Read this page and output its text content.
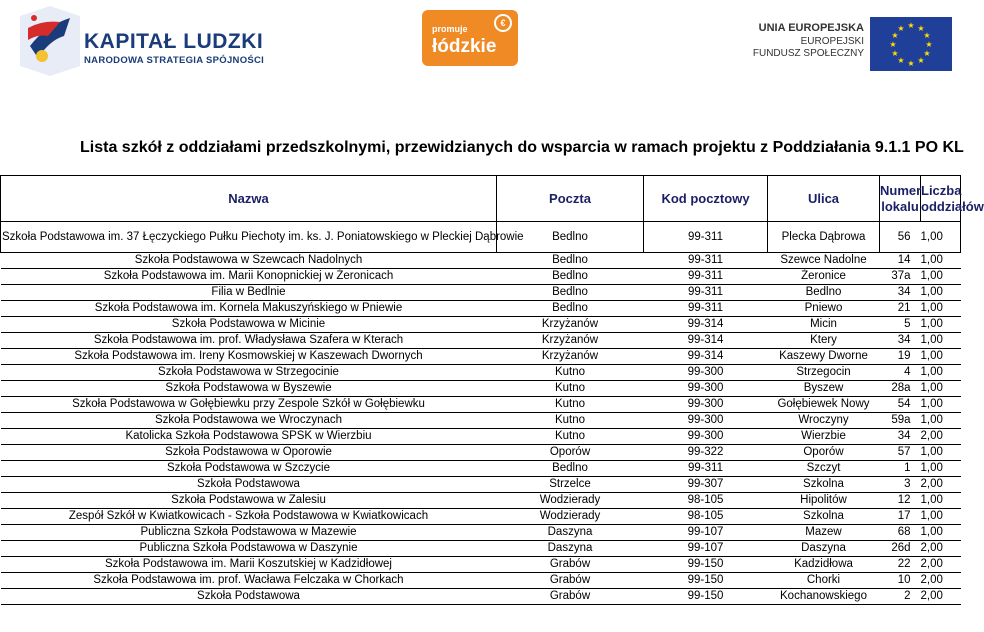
KAPITAŁ LUDZKI
NARODOWA STRATEGIA SPÓJNOŚCI
promuje
łódzkie
€	UNIA EUROPEJSKA
EUROPEJSKI
FUNDUSZ SPOŁECZNY
★ ★
★
★
★
★
★
★
★
★
★
★
Lista szkół z oddziałami przedszkolnymi, przewidzianych do wsparcia w ramach projektu z Poddziałania 9.1.1 PO KL
Nazwa	Poczta	Kod pocztowy	Ulica	Numer lokalu	Liczba oddziałów
Szkoła Podstawowa im. 37 Łęczyckiego Pułku Piechoty im. ks. J. Poniatowskiego w Pleckiej Dąbrowie	Bedlno	99-311	Plecka Dąbrowa	56	1,00
Szkoła Podstawowa w Szewcach Nadolnych	Bedlno	99-311	Szewce Nadolne	14	1,00
Szkoła Podstawowa im. Marii Konopnickiej w Żeronicach	Bedlno	99-311	Żeronice	37a	1,00
Filia w Bedlnie	Bedlno	99-311	Bedlno	34	1,00
Szkoła Podstawowa im. Kornela Makuszyńskiego w Pniewie	Bedlno	99-311	Pniewo	21	1,00
Szkoła Podstawowa w Micinie	Krzyżanów	99-314	Micin	5	1,00
Szkoła Podstawowa im. prof. Władysława Szafera w Kterach	Krzyżanów	99-314	Ktery	34	1,00
Szkoła Podstawowa im. Ireny Kosmowskiej w Kaszewach Dwornych	Krzyżanów	99-314	Kaszewy Dworne	19	1,00
Szkoła Podstawowa w Strzegocinie	Kutno	99-300	Strzegocin	4	1,00
Szkoła Podstawowa w Byszewie	Kutno	99-300	Byszew	28a	1,00
Szkoła Podstawowa w Gołębiewku przy Zespole Szkół w Gołębiewku	Kutno	99-300	Gołębiewek Nowy	54	1,00
Szkoła Podstawowa we Wroczynach	Kutno	99-300	Wroczyny	59a	1,00
Katolicka Szkoła Podstawowa SPSK w Wierzbiu	Kutno	99-300	Wierzbie	34	2,00
Szkoła Podstawowa w Oporowie	Oporów	99-322	Oporów	57	1,00
Szkoła Podstawowa w Szczycie	Bedlno	99-311	Szczyt	1	1,00
Szkoła Podstawowa	Strzelce	99-307	Szkolna	3	2,00
Szkoła Podstawowa w Zalesiu	Wodzierady	98-105	Hipolitów	12	1,00
Zespół Szkół w Kwiatkowicach - Szkoła Podstawowa w Kwiatkowicach	Wodzierady	98-105	Szkolna	17	1,00
Publiczna Szkoła Podstawowa w Mazewie	Daszyna	99-107	Mazew	68	1,00
Publiczna Szkoła Podstawowa w Daszynie	Daszyna	99-107	Daszyna	26d	2,00
Szkoła Podstawowa im. Marii Koszutskiej w Kadzidłowej	Grabów	99-150	Kadzidłowa	22	2,00
Szkoła Podstawowa im. prof. Wacława Felczaka w Chorkach	Grabów	99-150	Chorki	10	2,00
Szkoła Podstawowa	Grabów	99-150	Kochanowskiego	2	2,00
